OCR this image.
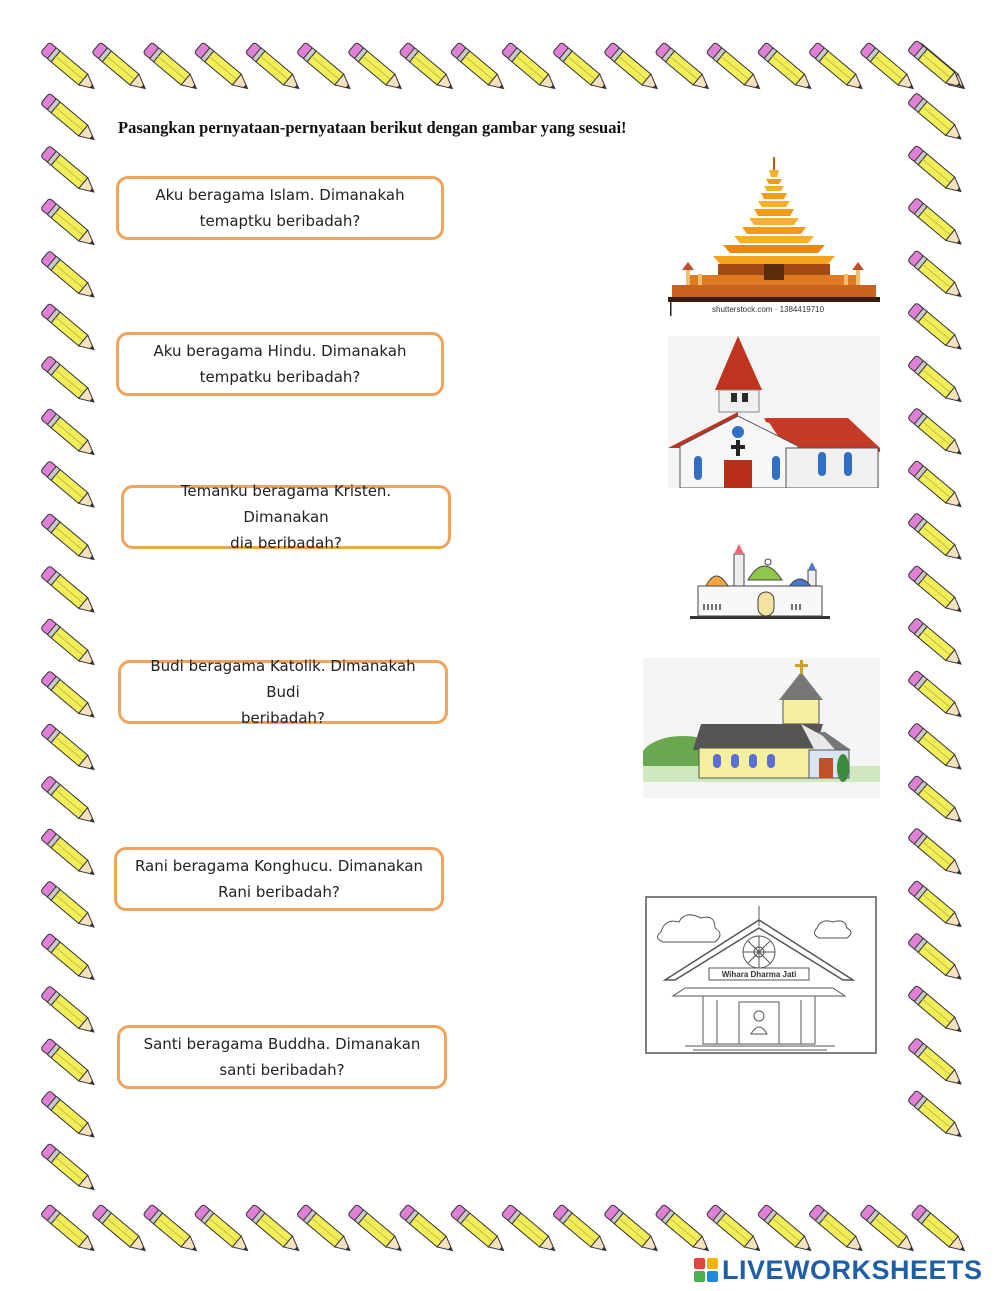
Pasangkan pernyataan-pernyataan berikut dengan gambar yang sesuai!
Aku beragama Islam. Dimanakah
temaptku beribadah?
Aku beragama Hindu. Dimanakah
tempatku beribadah?
Temanku beragama Kristen. Dimanakan
dia beribadah?
Budi beragama Katolik. Dimanakah Budi
beribadah?
Rani beragama Konghucu. Dimanakan
Rani beribadah?
Santi beragama Buddha. Dimanakan
santi beribadah?
shutterstock.com · 1384419710
Wihara Dharma Jati
LIVEWORKSHEETS
